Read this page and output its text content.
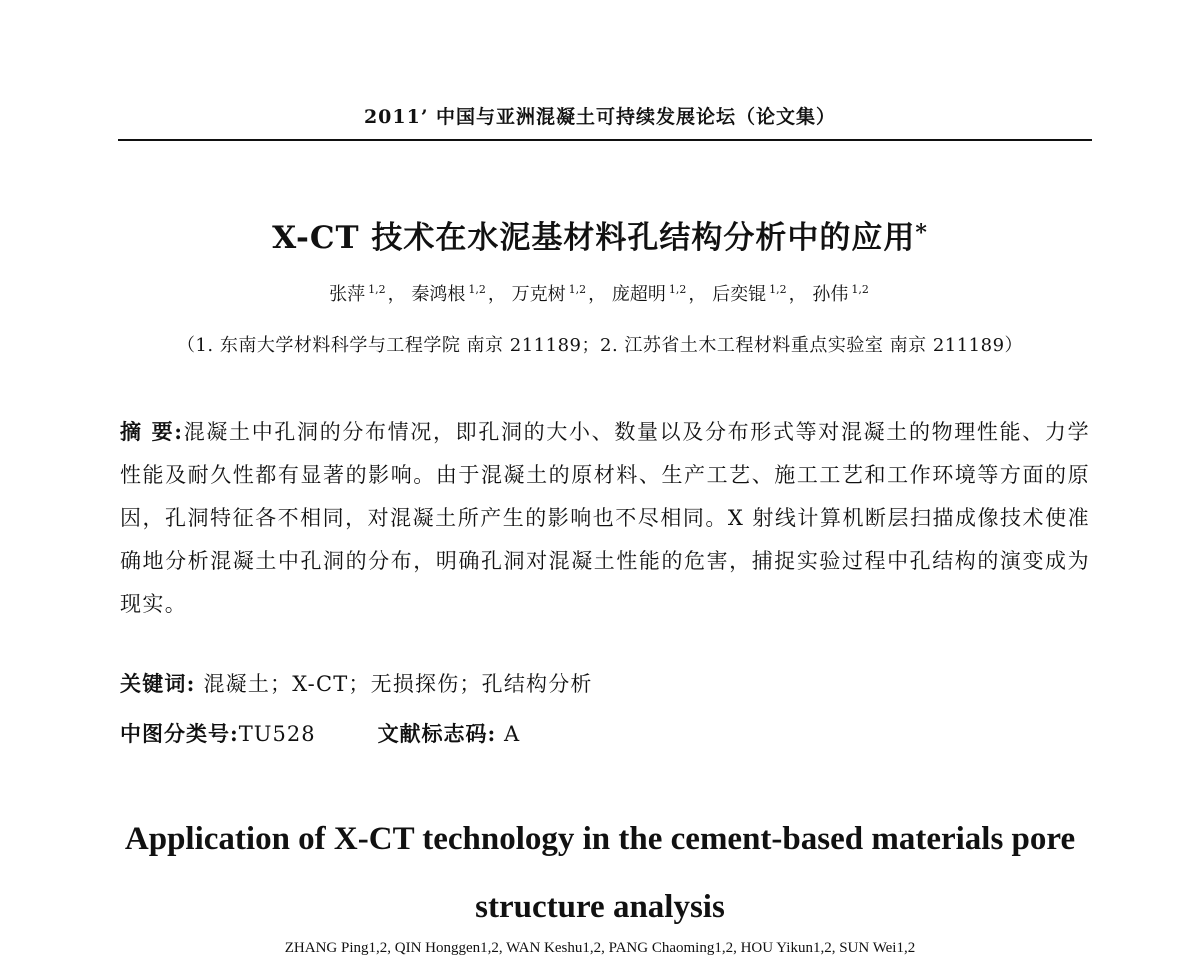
2011’ 中国与亚洲混凝土可持续发展论坛（论文集）
X-CT 技术在水泥基材料孔结构分析中的应用*
张萍 $^{1,2}$ ， 秦鸿根 $^{1,2}$ ， 万克树 $^{1,2}$ ， 庞超明 $^{1,2}$ ， 后奕锟 $^{1,2}$ ， 孙伟 $^{1,2}$
（1. 东南大学材料科学与工程学院 南京 211189；2. 江苏省土木工程材料重点实验室 南京 211189）
摘 要:混凝土中孔洞的分布情况，即孔洞的大小、数量以及分布形式等对混凝土的物理性能、力学性能及耐久性都有显著的影响。由于混凝土的原材料、生产工艺、施工工艺和工作环境等方面的原因，孔洞特征各不相同，对混凝土所产生的影响也不尽相同。X 射线计算机断层扫描成像技术使准确地分析混凝土中孔洞的分布，明确孔洞对混凝土性能的危害，捕捉实验过程中孔结构的演变成为现实。
关键词: 混凝土；X-CT；无损探伤；孔结构分析
中图分类号:TU528	文献标志码: A
Application of X-CT technology in the cement-based materials pore
structure analysis
ZHANG Ping1,2, QIN Honggen1,2, WAN Keshu1,2, PANG Chaoming1,2, HOU Yikun1,2, SUN Wei1,2
